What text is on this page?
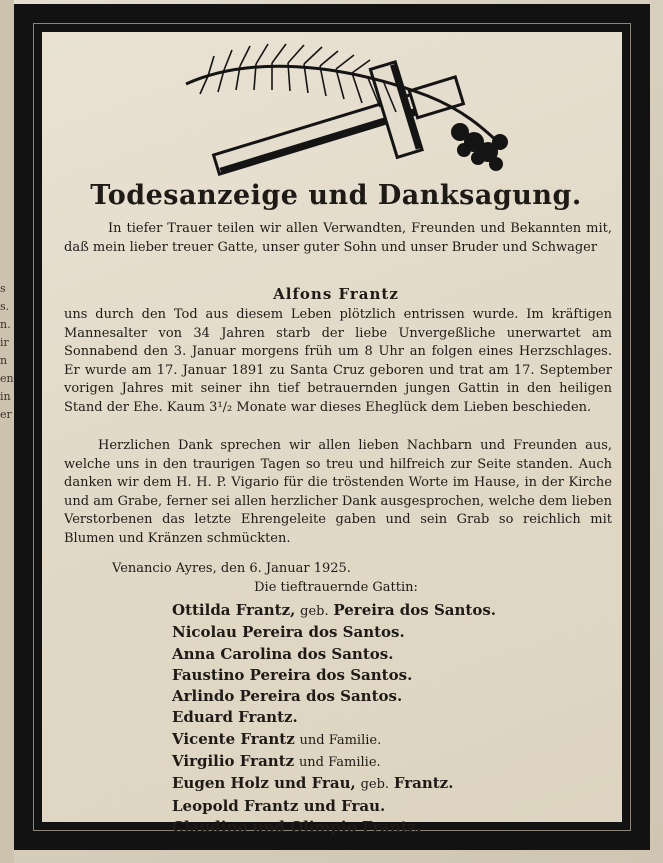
s
s.
n.
ir
n
en
in
er
Todesanzeige und Danksagung.
In tiefer Trauer teilen wir allen Verwandten, Freunden und Bekannten mit, daß mein lieber treuer Gatte, unser guter Sohn und unser Bruder und Schwager
Alfons Frantz
uns durch den Tod aus diesem Leben plötzlich entrissen wurde. Im kräftigen Mannesalter von 34 Jahren starb der liebe Unvergeßliche unerwartet am Sonnabend den 3. Januar morgens früh um 8 Uhr an folgen eines Herzschlages. Er wurde am 17. Januar 1891 zu Santa Cruz geboren und trat am 17. September vorigen Jahres mit seiner ihn tief betrauernden jungen Gattin in den heiligen Stand der Ehe. Kaum 3¹/₂ Monate war dieses Eheglück dem Lieben beschieden.
Herzlichen Dank sprechen wir allen lieben Nachbarn und Freunden aus, welche uns in den traurigen Tagen so treu und hilfreich zur Seite standen. Auch danken wir dem H. H. P. Vigario für die tröstenden Worte im Hause, in der Kirche und am Grabe, ferner sei allen herzlicher Dank ausgesprochen, welche dem lieben Verstorbenen das letzte Ehrengeleite gaben und sein Grab so reichlich mit Blumen und Kränzen schmückten.
Venancio Ayres, den 6. Januar 1925.
Die tieftrauernde Gattin:
Ottilda Frantz, geb. Pereira dos Santos.
Nicolau Pereira dos Santos.
Anna Carolina dos Santos.
Faustino Pereira dos Santos.
Arlindo Pereira dos Santos.
Eduard Frantz.
Vicente Frantz und Familie.
Virgilio Frantz und Familie.
Eugen Holz und Frau, geb. Frantz.
Leopold Frantz und Frau.
Claudino und Olimpio Frantz.
